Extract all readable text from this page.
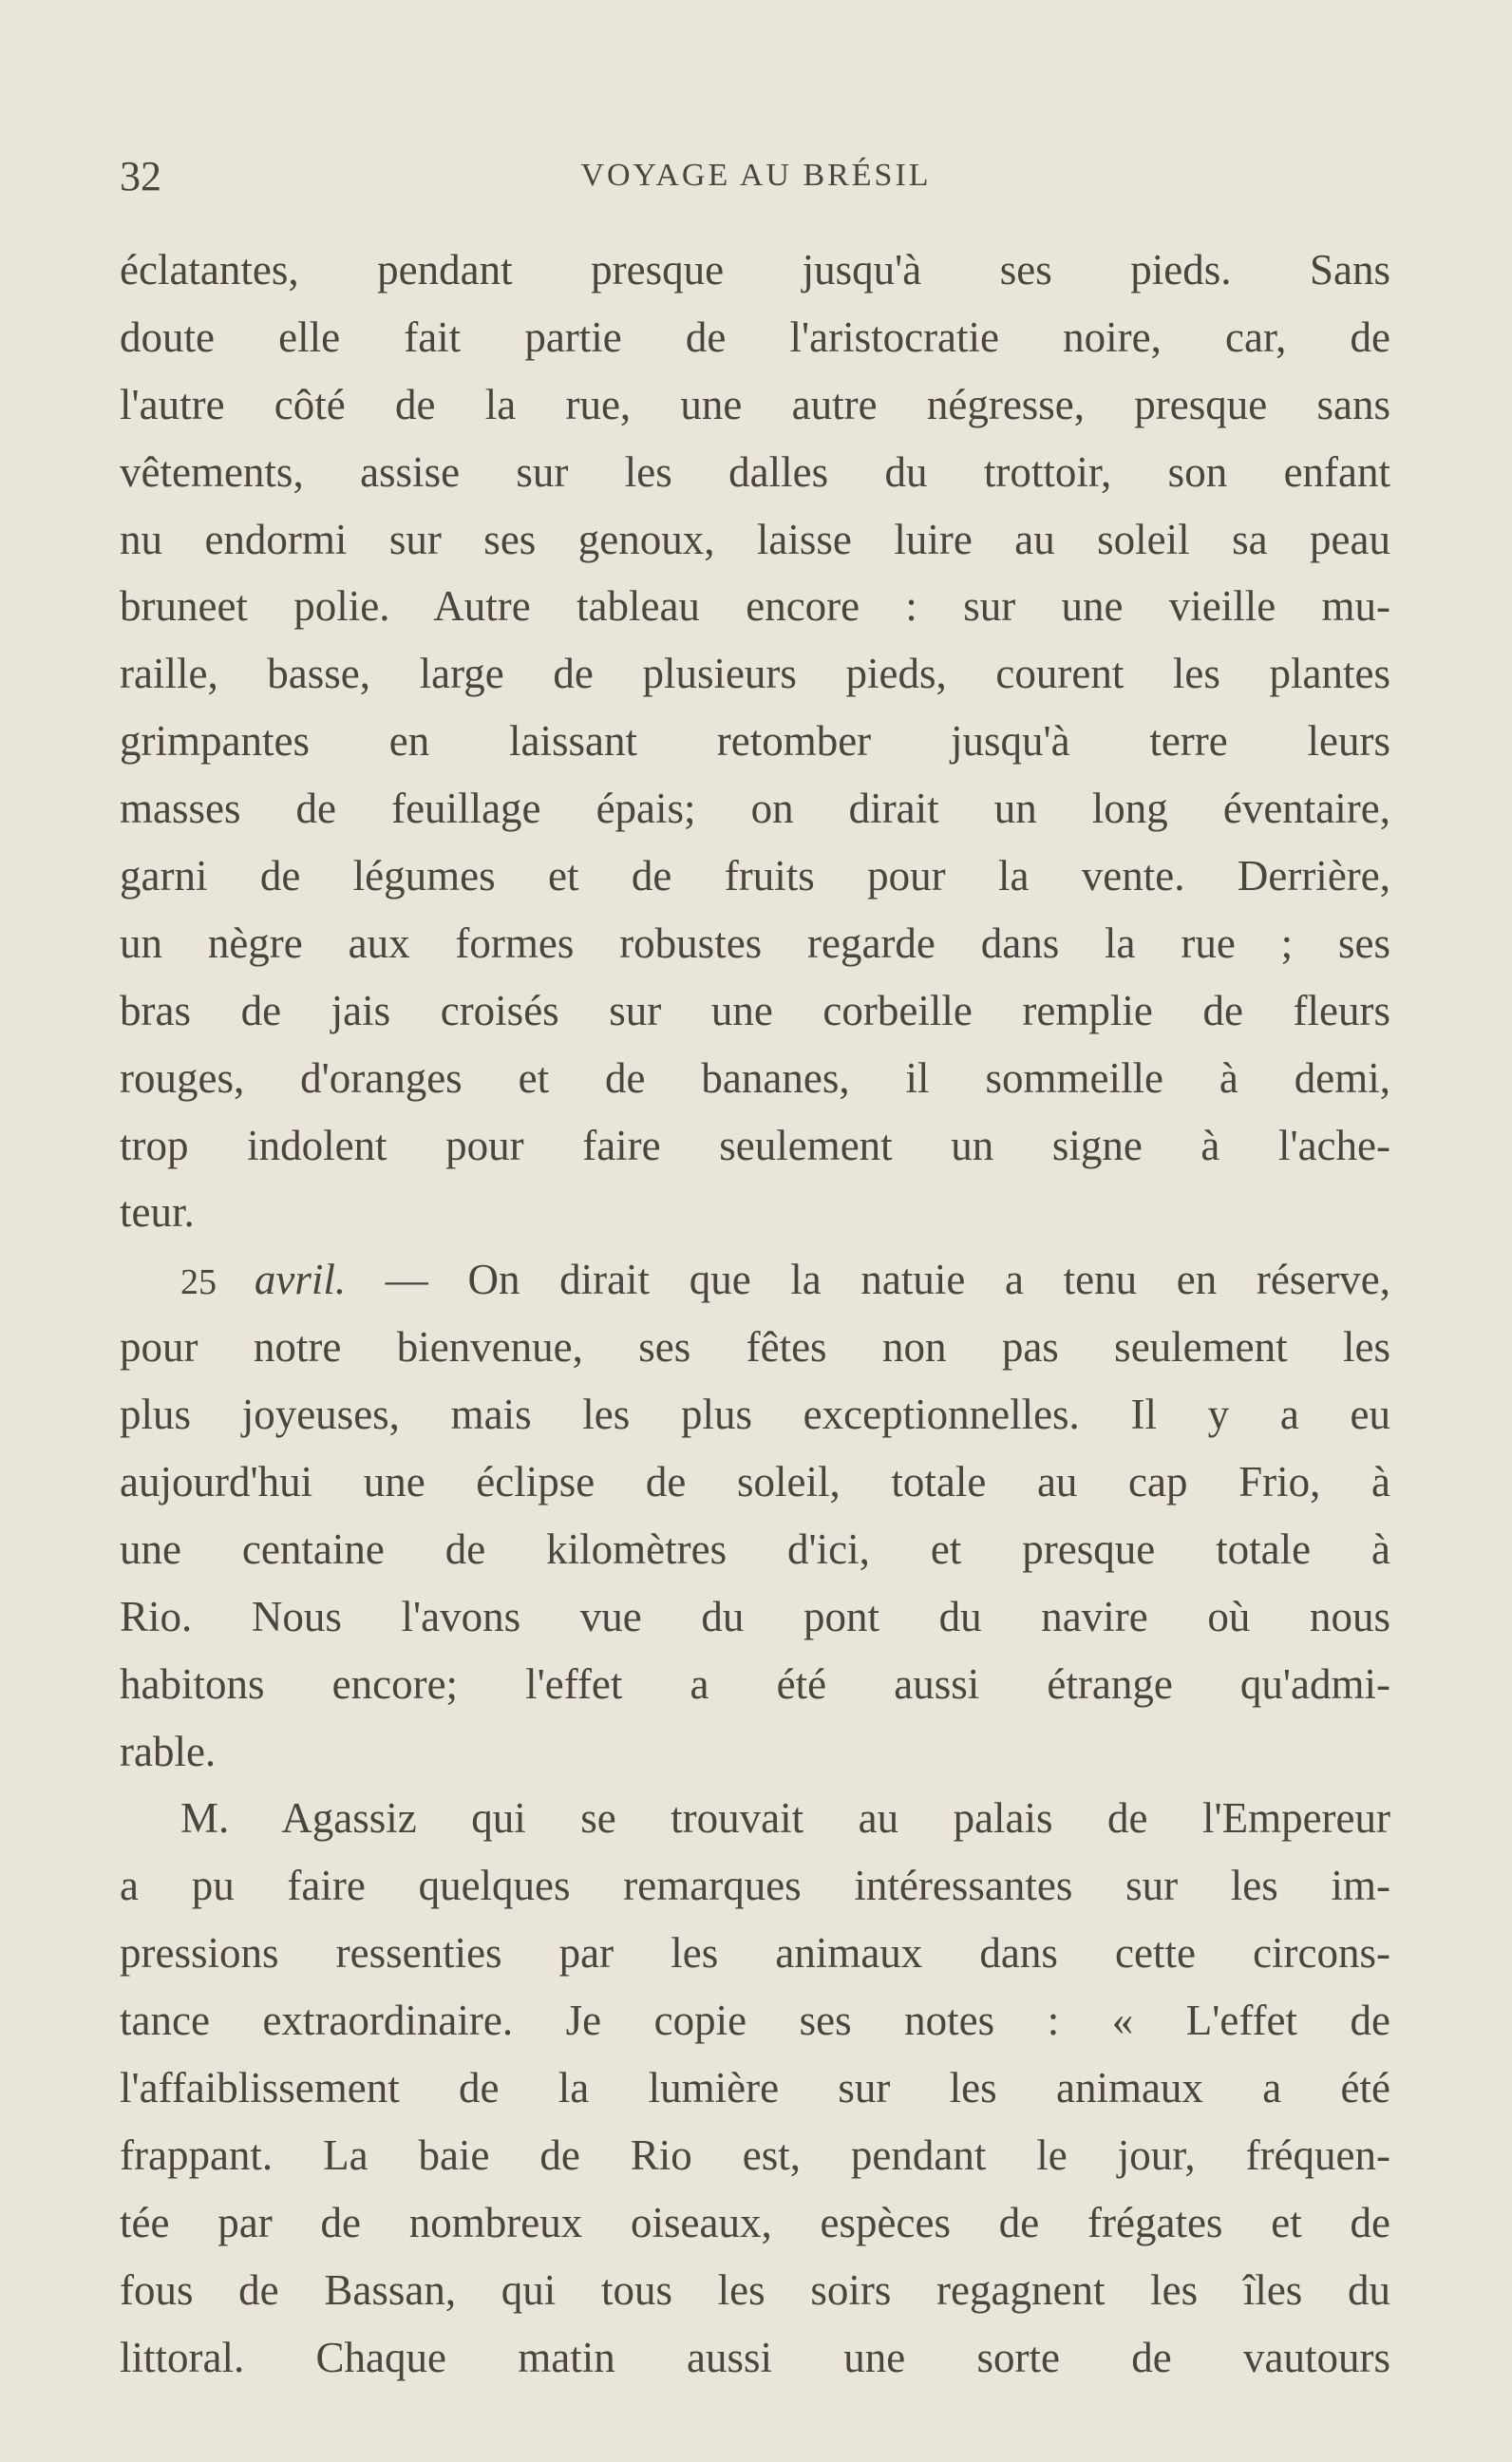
32	VOYAGE AU BRÉSIL
éclatantes, pendant presque jusqu'à ses pieds. Sans
doute elle fait partie de l'aristocratie noire, car, de
l'autre côté de la rue, une autre négresse, presque sans
vêtements, assise sur les dalles du trottoir, son enfant
nu endormi sur ses genoux, laisse luire au soleil sa peau
bruneet polie. Autre tableau encore : sur une vieille mu-
raille, basse, large de plusieurs pieds, courent les plantes
grimpantes en laissant retomber jusqu'à terre leurs
masses de feuillage épais; on dirait un long éventaire,
garni de légumes et de fruits pour la vente. Derrière,
un nègre aux formes robustes regarde dans la rue ; ses
bras de jais croisés sur une corbeille remplie de fleurs
rouges, d'oranges et de bananes, il sommeille à demi,
trop indolent pour faire seulement un signe à l'ache-
teur.
25 avril. — On dirait que la natuie a tenu en réserve,
pour notre bienvenue, ses fêtes non pas seulement les
plus joyeuses, mais les plus exceptionnelles. Il y a eu
aujourd'hui une éclipse de soleil, totale au cap Frio, à
une centaine de kilomètres d'ici, et presque totale à
Rio. Nous l'avons vue du pont du navire où nous
habitons encore; l'effet a été aussi étrange qu'admi-
rable.
M. Agassiz qui se trouvait au palais de l'Empereur
a pu faire quelques remarques intéressantes sur les im-
pressions ressenties par les animaux dans cette circons-
tance extraordinaire. Je copie ses notes : « L'effet de
l'affaiblissement de la lumière sur les animaux a été
frappant. La baie de Rio est, pendant le jour, fréquen-
tée par de nombreux oiseaux, espèces de frégates et de
fous de Bassan, qui tous les soirs regagnent les îles du
littoral. Chaque matin aussi une sorte de vautours
